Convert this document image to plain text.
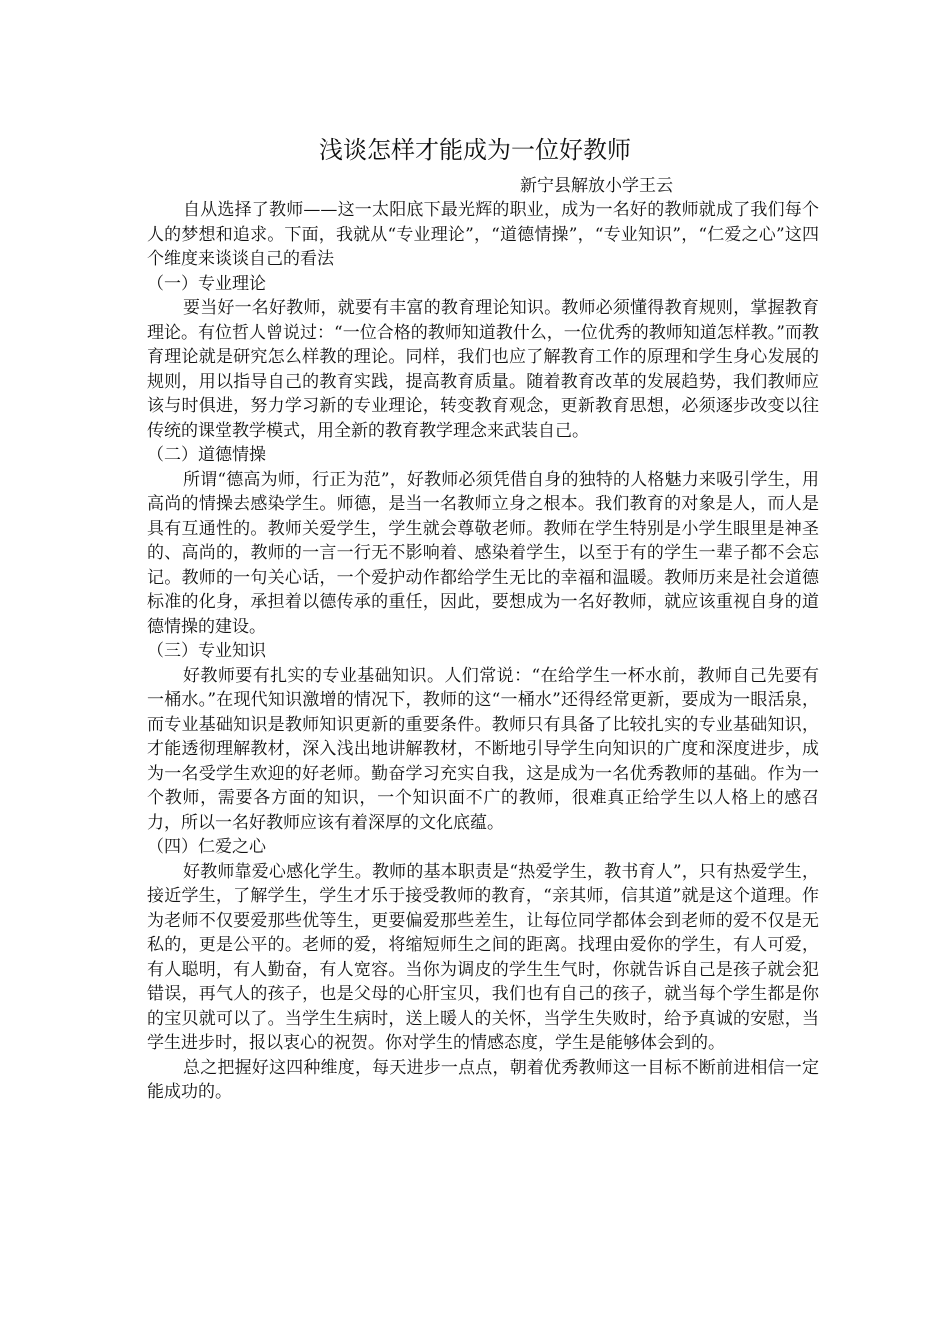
浅谈怎样才能成为一位好教师

新宁县解放小学王云

自从选择了教师——这一太阳底下最光辉的职业，成为一名好的教师就成了我们每个人的梦想和追求。下面，我就从“专业理论”，“道德情操”，“专业知识”，“仁爱之心”这四个维度来谈谈自己的看法

（一）专业理论

要当好一名好教师，就要有丰富的教育理论知识。教师必须懂得教育规则，掌握教育理论。有位哲人曾说过：“一位合格的教师知道教什么，一位优秀的教师知道怎样教。”而教育理论就是研究怎么样教的理论。同样，我们也应了解教育工作的原理和学生身心发展的规则，用以指导自己的教育实践，提高教育质量。随着教育改革的发展趋势，我们教师应该与时俱进，努力学习新的专业理论，转变教育观念，更新教育思想，必须逐步改变以往传统的课堂教学模式，用全新的教育教学理念来武装自己。

（二）道德情操

所谓“德高为师，行正为范”，好教师必须凭借自身的独特的人格魅力来吸引学生，用高尚的情操去感染学生。师德，是当一名教师立身之根本。我们教育的对象是人，而人是具有互通性的。教师关爱学生，学生就会尊敬老师。教师在学生特别是小学生眼里是神圣的、高尚的，教师的一言一行无不影响着、感染着学生，以至于有的学生一辈子都不会忘记。教师的一句关心话，一个爱护动作都给学生无比的幸福和温暖。教师历来是社会道德标准的化身，承担着以德传承的重任，因此，要想成为一名好教师，就应该重视自身的道德情操的建设。

（三）专业知识

好教师要有扎实的专业基础知识。人们常说：“在给学生一杯水前，教师自己先要有一桶水。”在现代知识激增的情况下，教师的这“一桶水”还得经常更新，要成为一眼活泉，而专业基础知识是教师知识更新的重要条件。教师只有具备了比较扎实的专业基础知识，才能透彻理解教材，深入浅出地讲解教材，不断地引导学生向知识的广度和深度进步，成为一名受学生欢迎的好老师。勤奋学习充实自我，这是成为一名优秀教师的基础。作为一个教师，需要各方面的知识，一个知识面不广的教师，很难真正给学生以人格上的感召力，所以一名好教师应该有着深厚的文化底蕴。

（四）仁爱之心

好教师靠爱心感化学生。教师的基本职责是“热爱学生，教书育人”，只有热爱学生，接近学生，了解学生，学生才乐于接受教师的教育，“亲其师，信其道”就是这个道理。作为老师不仅要爱那些优等生，更要偏爱那些差生，让每位同学都体会到老师的爱不仅是无私的，更是公平的。老师的爱，将缩短师生之间的距离。找理由爱你的学生，有人可爱，有人聪明，有人勤奋，有人宽容。当你为调皮的学生生气时，你就告诉自己是孩子就会犯错误，再气人的孩子，也是父母的心肝宝贝，我们也有自己的孩子，就当每个学生都是你的宝贝就可以了。当学生生病时，送上暖人的关怀，当学生失败时，给予真诚的安慰，当学生进步时，报以衷心的祝贺。你对学生的情感态度，学生是能够体会到的。

总之把握好这四种维度，每天进步一点点，朝着优秀教师这一目标不断前进相信一定能成功的。
